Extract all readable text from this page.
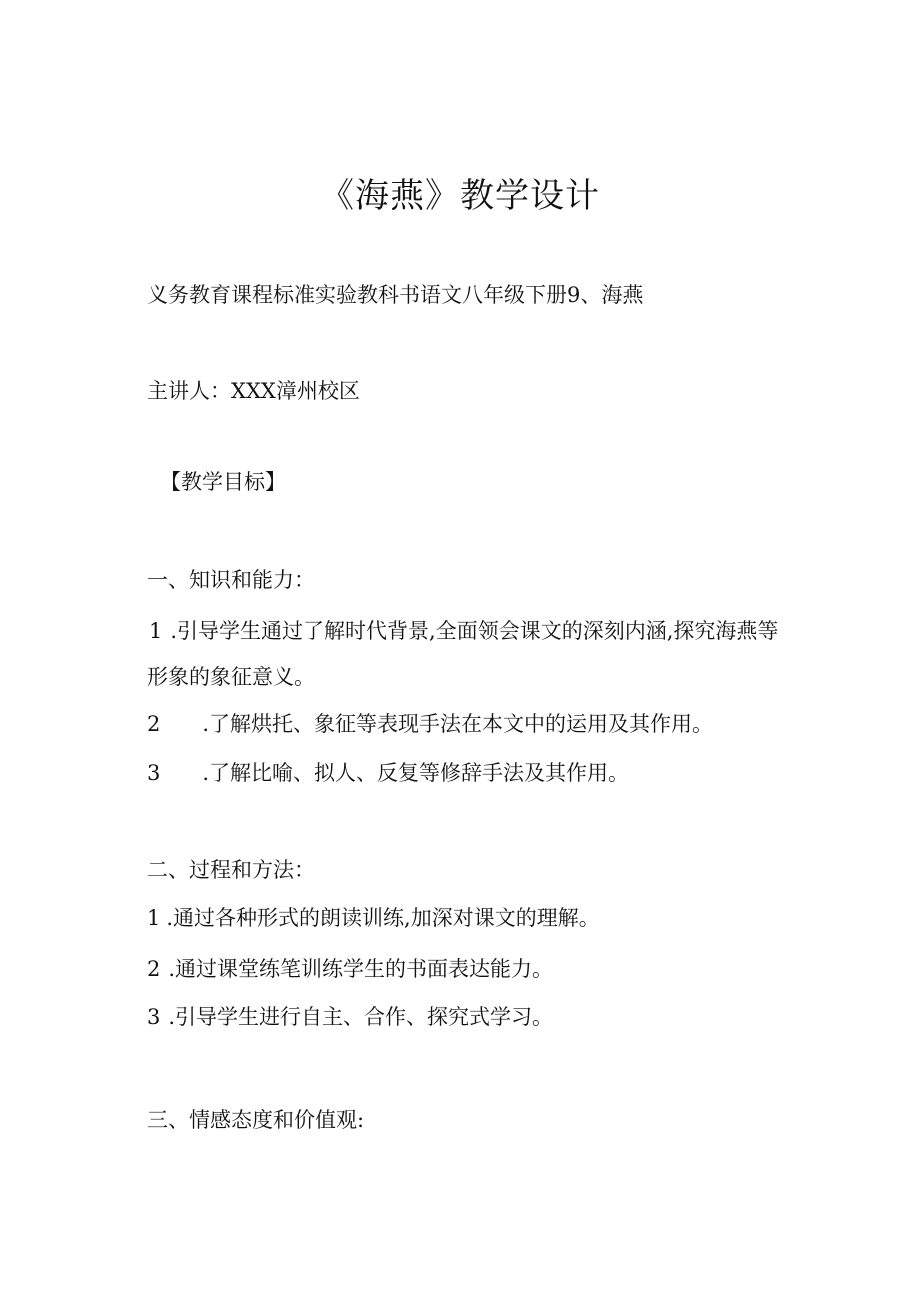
《海燕》教学设计

义务教育课程标准实验教科书语文八年级下册9、海燕

主讲人：XXX漳州校区

【教学目标】

一、知识和能力：

1 .引导学生通过了解时代背景,全面领会课文的深刻内涵,探究海燕等形象的象征意义。

2 .了解烘托、象征等表现手法在本文中的运用及其作用。

3 .了解比喻、拟人、反复等修辞手法及其作用。

二、过程和方法：

1 .通过各种形式的朗读训练,加深对课文的理解。

2 .通过课堂练笔训练学生的书面表达能力。

3 .引导学生进行自主、合作、探究式学习。

三、情感态度和价值观:
